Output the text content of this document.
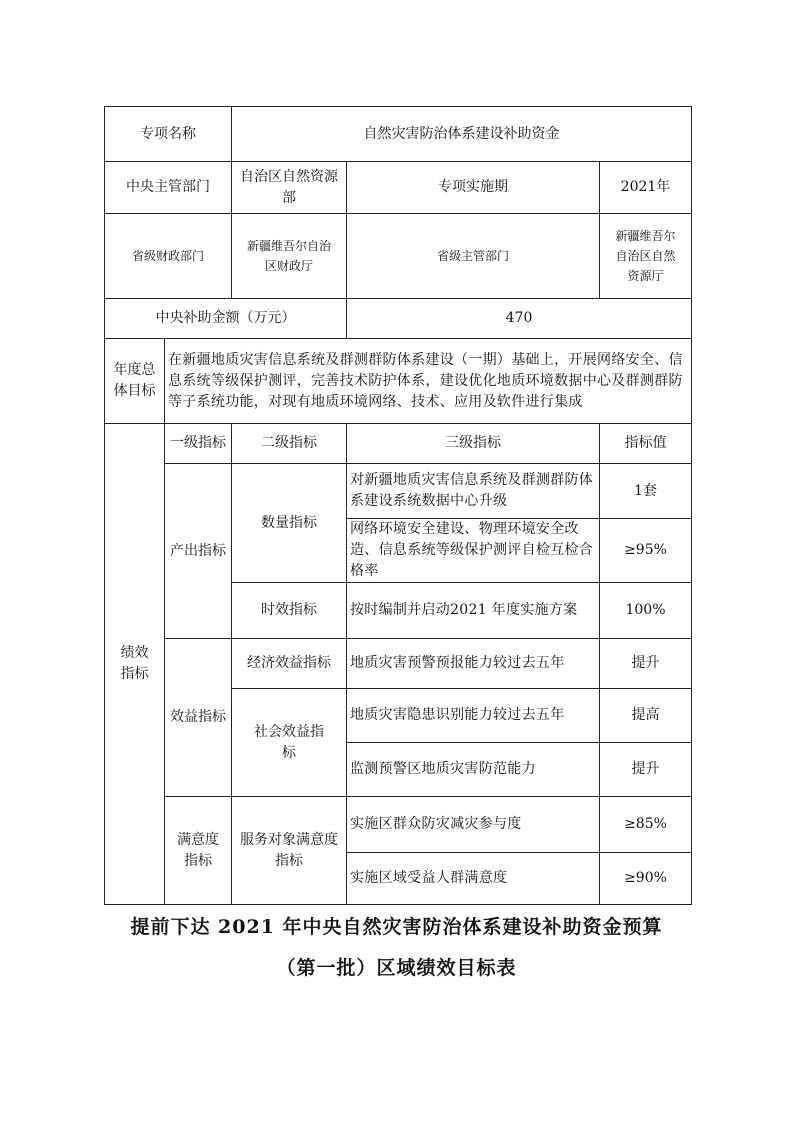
专项名称		自然灾害防治体系建设补助资金		
中央主管部门		自治区自然资源部	专项实施期	2021年
省级财政部门		新疆维吾尔自治区财政厅	省级主管部门	新疆维吾尔自治区自然资源厅
中央补助金额（万元）			470	
年度总体目标	在新疆地质灾害信息系统及群测群防体系建设（一期）基础上，开展网络安全、信息系统等级保护测评，完善技术防护体系，建设优化地质环境数据中心及群测群防等子系统功能，对现有地质环境网络、技术、应用及软件进行集成			
绩效指标	一级指标	二级指标	三级指标	指标值
	产出指标	数量指标	对新疆地质灾害信息系统及群测群防体系建设系统数据中心升级	1套
			网络环境安全建设、物理环境安全改造、信息系统等级保护测评自检互检合格率	≥95%
		时效指标	按时编制并启动2021 年度实施方案	100%
	效益指标	经济效益指标	地质灾害预警预报能力较过去五年	提升
		社会效益指标	地质灾害隐患识别能力较过去五年	提高
			监测预警区地质灾害防范能力	提升
	满意度指标	服务对象满意度指标	实施区群众防灾减灾参与度	≥85%
			实施区域受益人群满意度	≥90%
提前下达 2021 年中央自然灾害防治体系建设补助资金预算
（第一批）区域绩效目标表
